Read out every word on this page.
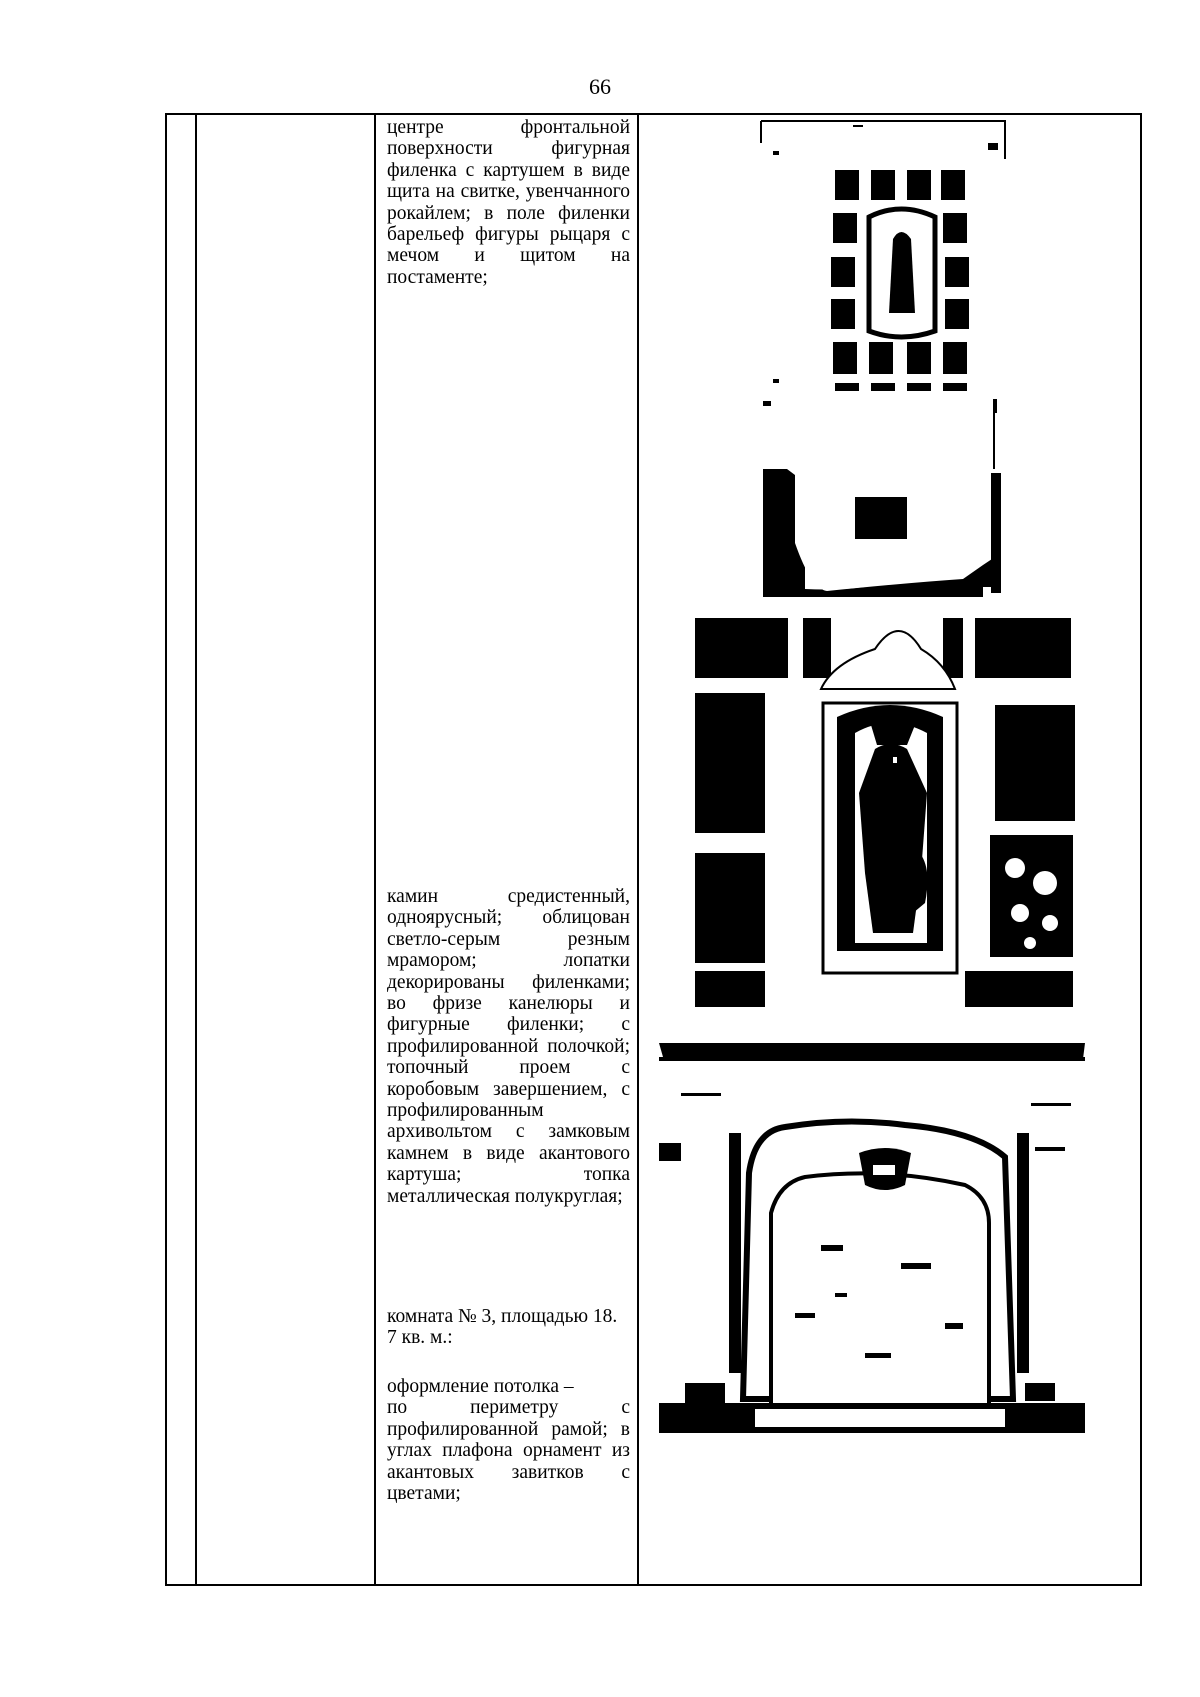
66

центре фронтальной поверхности фигурная филенка с картушем в виде щита на свитке, увенчанного рокайлем; в поле филенки барельеф фигуры рыцаря с мечом и щитом на постаменте;

камин средистенный, одноярусный; облицован светло-серым резным мрамором; лопатки декорированы филенками; во фризе канелюры и фигурные филенки; с профилированной полочкой; топочный проем с коробовым завершением, с профилированным архивольтом с замковым камнем в виде акантового картуша; топка металлическая полукруглая;

комната № 3, площадью 18. 7 кв. м.:

оформление потолка –

по периметру с профилированной рамой; в углах плафона орнамент из акантовых завитков с цветами;
